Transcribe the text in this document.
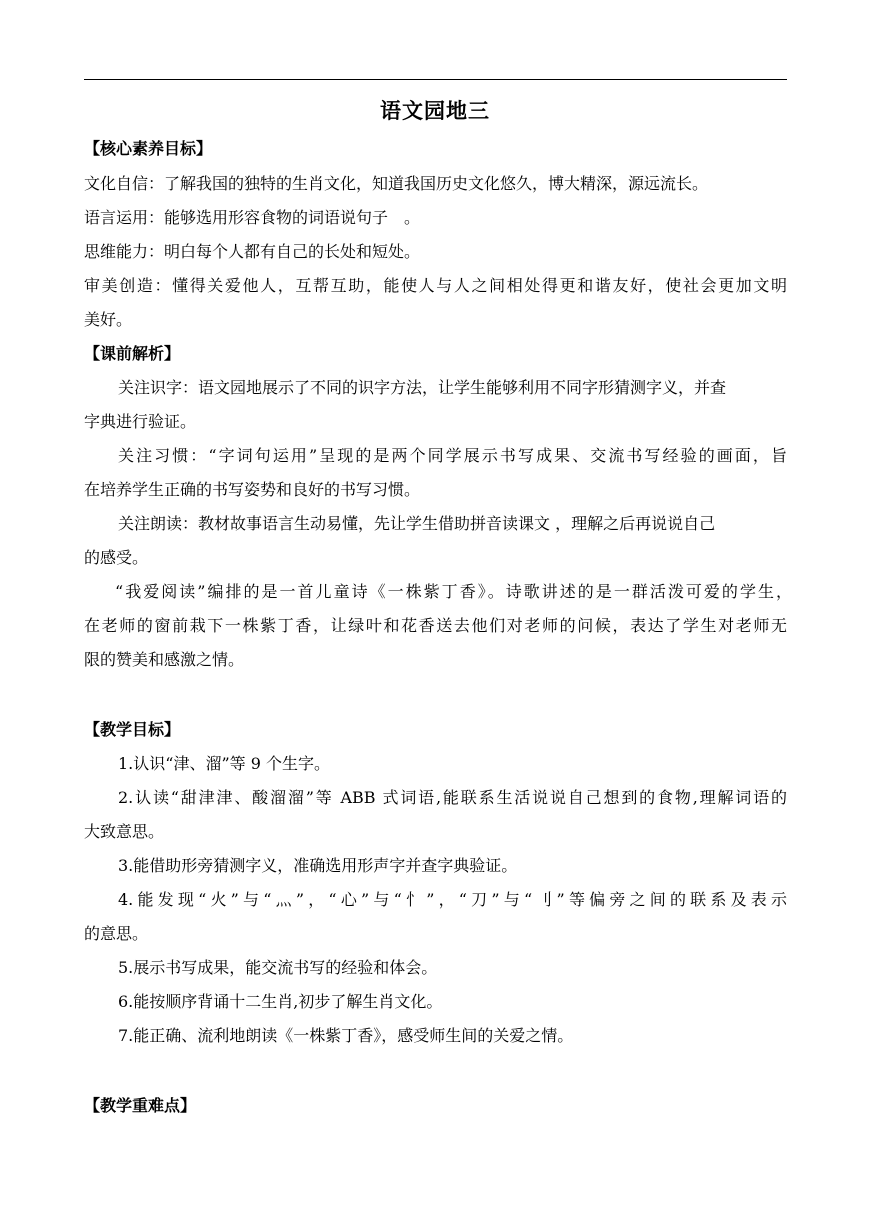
语文园地三
【核心素养目标】
文化自信：了解我国的独特的生肖文化，知道我国历史文化悠久，博大精深，源远流长。
语言运用：能够选用形容食物的词语说句子　。
思维能力：明白每个人都有自己的长处和短处。
审美创造：懂得关爱他人，互帮互助，能使人与人之间相处得更和谐友好，使社会更加文明
美好。
【课前解析】
关注识字：语文园地展示了不同的识字方法，让学生能够利用不同字形猜测字义，并查
字典进行验证。
关注习惯：“字词句运用”呈现的是两个同学展示书写成果、交流书写经验的画面，旨
在培养学生正确的书写姿势和良好的书写习惯。
关注朗读：教材故事语言生动易懂，先让学生借助拼音读课文 ，理解之后再说说自己
的感受。
“我爱阅读”编排的是一首儿童诗《一株紫丁香》。诗歌讲述的是一群活泼可爱的学生，
在老师的窗前栽下一株紫丁香，让绿叶和花香送去他们对老师的问候，表达了学生对老师无
限的赞美和感激之情。
【教学目标】
1.认识“津、溜”等 9 个生字。
2.认读“甜津津、酸溜溜”等 ABB 式词语,能联系生活说说自己想到的食物,理解词语的
大致意思。
3.能借助形旁猜测字义，准确选用形声字并查字典验证。
4.能发现“火”与“灬”，“心”与“忄”，“刀”与“刂”等偏旁之间的联系及表示
的意思。
5.展示书写成果，能交流书写的经验和体会。
6.能按顺序背诵十二生肖,初步了解生肖文化。
7.能正确、流利地朗读《一株紫丁香》，感受师生间的关爱之情。
【教学重难点】
